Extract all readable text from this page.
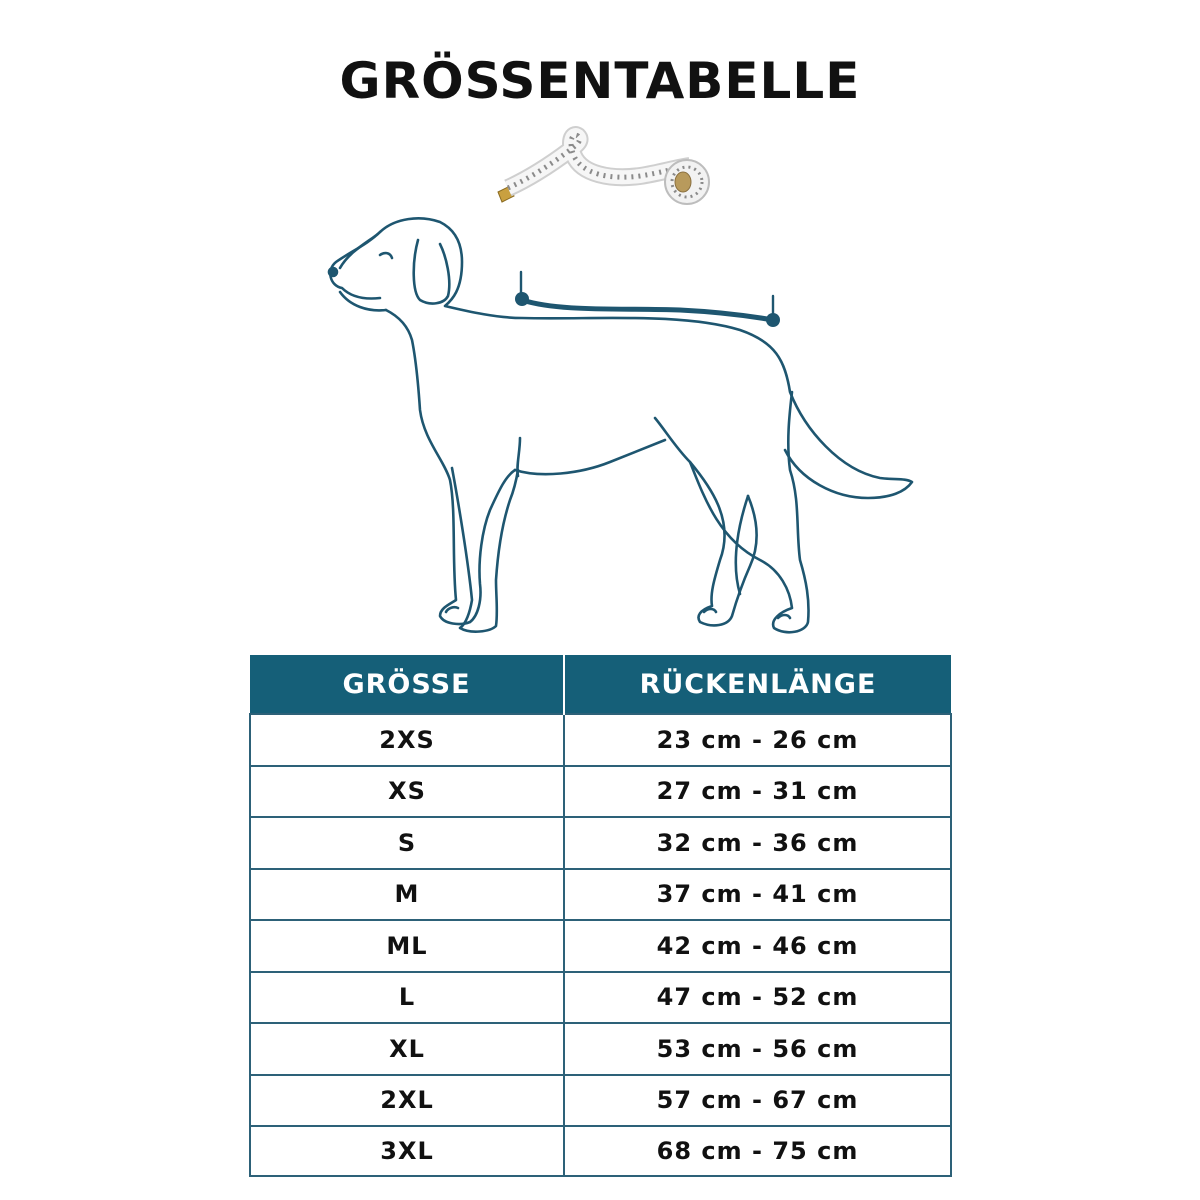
GRÖSSENTABELLE
GRÖSSE	RÜCKENLÄNGE
2XS	23 cm - 26 cm
XS	27 cm - 31 cm
S	32 cm - 36 cm
M	37 cm - 41 cm
ML	42 cm - 46 cm
L	47 cm - 52 cm
XL	53 cm - 56 cm
2XL	57 cm - 67 cm
3XL	68 cm - 75 cm
